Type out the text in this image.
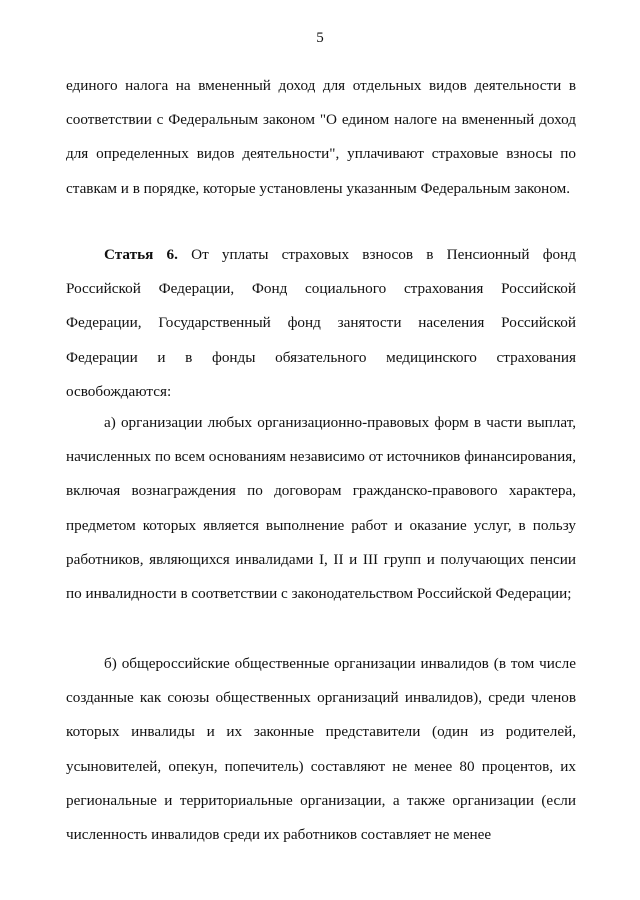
5

единого налога на вмененный доход для отдельных видов деятельности в соответствии с Федеральным законом "О едином налоге на вмененный доход для определенных видов деятельности", уплачивают страховые взносы по ставкам и в порядке, которые установлены указанным Федеральным законом.

Статья 6. От уплаты страховых взносов в Пенсионный фонд Российской Федерации, Фонд социального страхования Российской Федерации, Государственный фонд занятости населения Российской Федерации и в фонды обязательного медицинского страхования освобождаются:

а) организации любых организационно-правовых форм в части выплат, начисленных по всем основаниям независимо от источников финансирования, включая вознаграждения по договорам гражданско-правового характера, предметом которых является выполнение работ и оказание услуг, в пользу работников, являющихся инвалидами I, II и III групп и получающих пенсии по инвалидности в соответствии с законодательством Российской Федерации;

б) общероссийские общественные организации инвалидов (в том числе созданные как союзы общественных организаций инвалидов), среди членов которых инвалиды и их законные представители (один из родителей, усыновителей, опекун, попечитель) составляют не менее 80 процентов, их региональные и территориальные организации, а также организации (если численность инвалидов среди их работников составляет не менее
